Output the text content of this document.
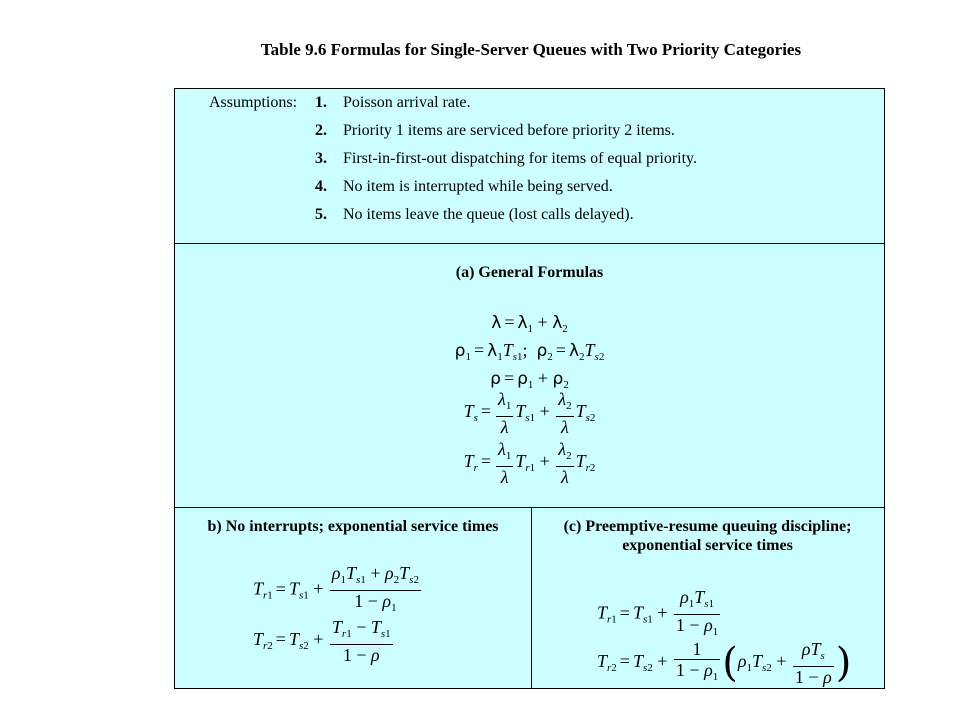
Table 9.6 Formulas for Single-Server Queues with Two Priority Categories
Assumptions: 1. Poisson arrival rate.
2. Priority 1 items are serviced before priority 2 items.
3. First-in-first-out dispatching for items of equal priority.
4. No item is interrupted while being served.
5. No items leave the queue (lost calls delayed).
(a) General Formulas
$\lambda = \lambda_1 + \lambda_2$
$\rho_1 = \lambda_1T_{s1}$;  $\rho_2 = \lambda_2T_{s2}$
$\rho = \rho_1 + \rho_2$
$T_s = \frac{\lambda_1}{\lambda} T_{s1} + \frac{\lambda_2}{\lambda} T_{s2}$
$T_r = \frac{\lambda_1}{\lambda} T_{r1} + \frac{\lambda_2}{\lambda} T_{r2}$
b) No interrupts; exponential service times
$T_{r1} = T_{s1} + \frac{\rho_1T_{s1} + \rho_2T_{s2}}{1 - \rho_1}$
$T_{r2} = T_{s2} + \frac{T_{r1} - T_{s1}}{1 - \rho}$
(c) Preemptive-resume queuing discipline;
exponential service times
$T_{r1} = T_{s1} + \frac{\rho_1T_{s1}}{1 - \rho_1}$
$T_{r2} = T_{s2} + \frac{1}{1 - \rho_1} (\rho_1T_{s2} + \frac{\rho T_s}{1 - \rho}$ )
